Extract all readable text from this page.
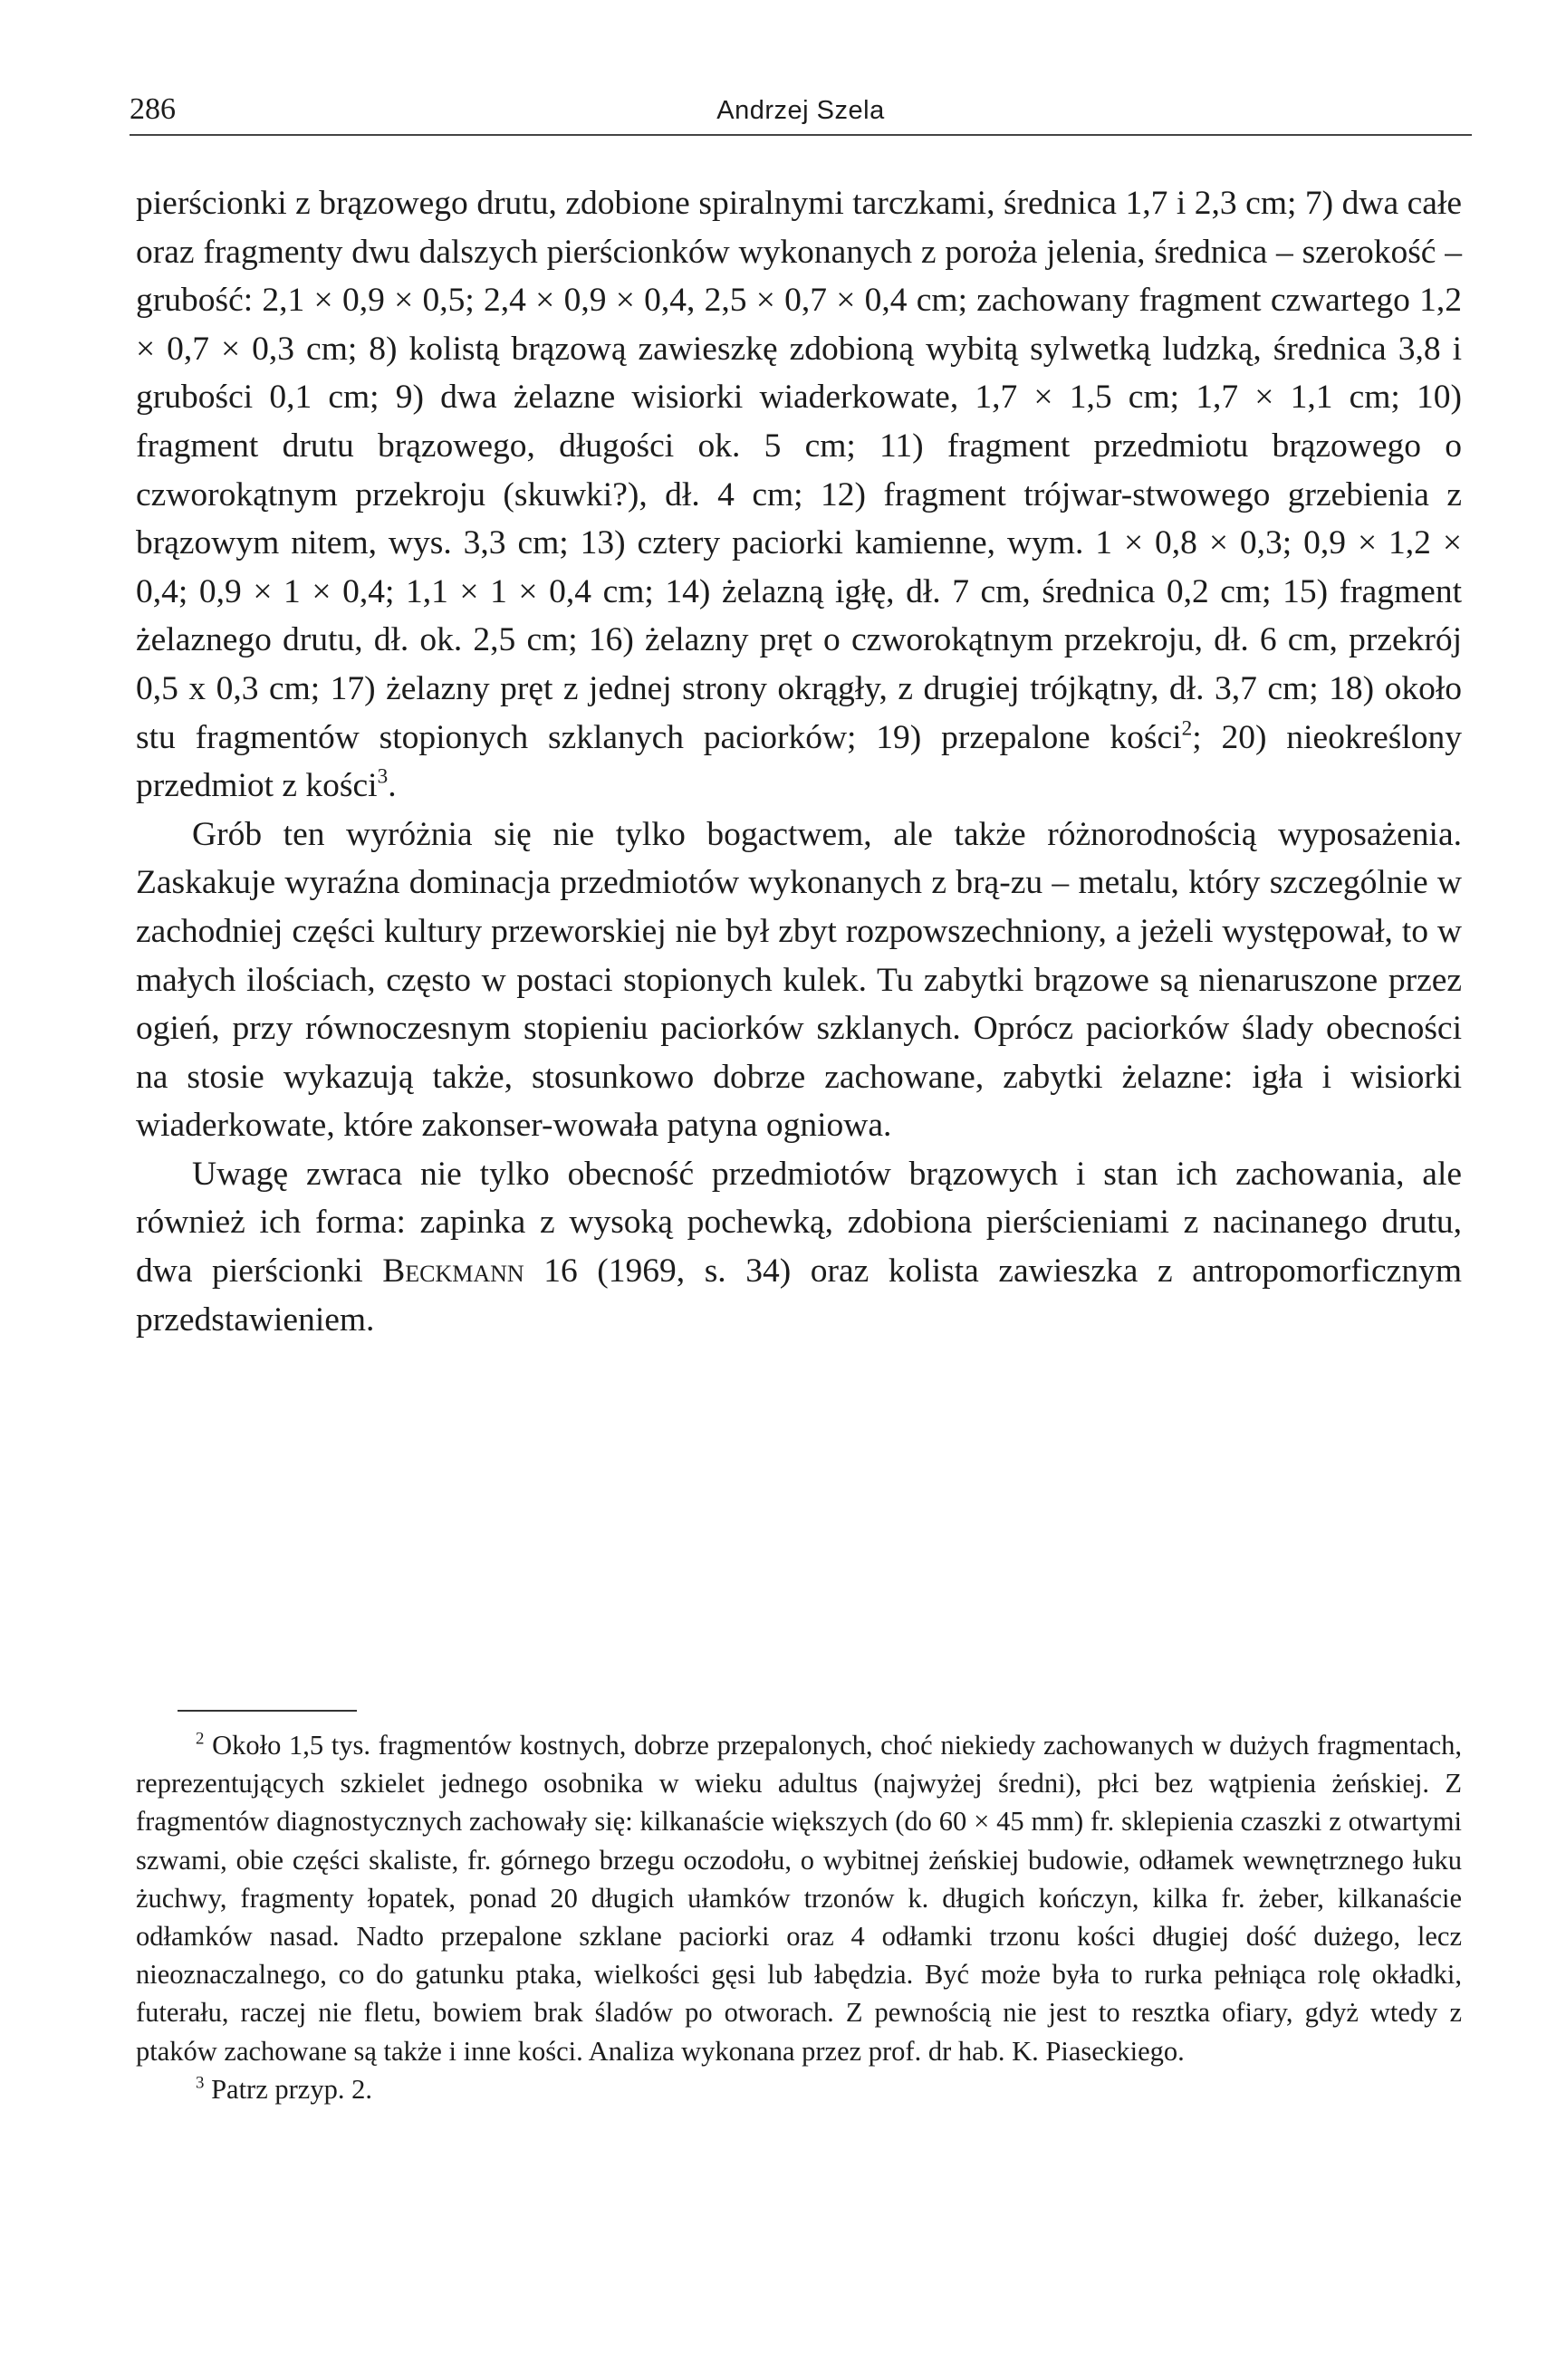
286	Andrzej Szela

pierścionki z brązowego drutu, zdobione spiralnymi tarczkami, średnica 1,7 i 2,3 cm; 7) dwa całe oraz fragmenty dwu dalszych pierścionków wykonanych z poroża jelenia, średnica – szerokość – grubość: 2,1 × 0,9 × 0,5; 2,4 × 0,9 × 0,4, 2,5 × 0,7 × 0,4 cm; zachowany fragment czwartego 1,2 × 0,7 × 0,3 cm; 8) kolistą brązową zawieszkę zdobioną wybitą sylwetką ludzką, średnica 3,8 i grubości 0,1 cm; 9) dwa żelazne wisiorki wiaderkowate, 1,7 × 1,5 cm; 1,7 × 1,1 cm; 10) fragment drutu brązowego, długości ok. 5 cm; 11) fragment przedmiotu brązowego o czworokątnym przekroju (skuwki?), dł. 4 cm; 12) fragment trójwar-stwowego grzebienia z brązowym nitem, wys. 3,3 cm; 13) cztery paciorki kamienne, wym. 1 × 0,8 × 0,3; 0,9 × 1,2 × 0,4; 0,9 × 1 × 0,4; 1,1 × 1 × 0,4 cm; 14) żelazną igłę, dł. 7 cm, średnica 0,2 cm; 15) fragment żelaznego drutu, dł. ok. 2,5 cm; 16) żelazny pręt o czworokątnym przekroju, dł. 6 cm, przekrój 0,5 x 0,3 cm; 17) żelazny pręt z jednej strony okrągły, z drugiej trójkątny, dł. 3,7 cm; 18) około stu fragmentów stopionych szklanych paciorków; 19) przepalone kości$^2$; 20) nieokreślony przedmiot z kości$^3$.

Grób ten wyróżnia się nie tylko bogactwem, ale także różnorodnością wyposażenia. Zaskakuje wyraźna dominacja przedmiotów wykonanych z brą-zu – metalu, który szczególnie w zachodniej części kultury przeworskiej nie był zbyt rozpowszechniony, a jeżeli występował, to w małych ilościach, często w postaci stopionych kulek. Tu zabytki brązowe są nienaruszone przez ogień, przy równoczesnym stopieniu paciorków szklanych. Oprócz paciorków ślady obecności na stosie wykazują także, stosunkowo dobrze zachowane, zabytki żelazne: igła i wisiorki wiaderkowate, które zakonser-wowała patyna ogniowa.

Uwagę zwraca nie tylko obecność przedmiotów brązowych i stan ich zachowania, ale również ich forma: zapinka z wysoką pochewką, zdobiona pierścieniami z nacinanego drutu, dwa pierścionki Beckmann 16 (1969, s. 34) oraz kolista zawieszka z antropomorficznym przedstawieniem.

$^2$ Około 1,5 tys. fragmentów kostnych, dobrze przepalonych, choć niekiedy zachowanych w dużych fragmentach, reprezentujących szkielet jednego osobnika w wieku adultus (najwyżej średni), płci bez wątpienia żeńskiej. Z fragmentów diagnostycznych zachowały się: kilkanaście większych (do 60 × 45 mm) fr. sklepienia czaszki z otwartymi szwami, obie części skaliste, fr. górnego brzegu oczodołu, o wybitnej żeńskiej budowie, odłamek wewnętrznego łuku żuchwy, fragmenty łopatek, ponad 20 długich ułamków trzonów k. długich kończyn, kilka fr. żeber, kilkanaście odłamków nasad. Nadto przepalone szklane paciorki oraz 4 odłamki trzonu kości długiej dość dużego, lecz nieoznaczalnego, co do gatunku ptaka, wielkości gęsi lub łabędzia. Być może była to rurka pełniąca rolę okładki, futerału, raczej nie fletu, bowiem brak śladów po otworach. Z pewnością nie jest to resztka ofiary, gdyż wtedy z ptaków zachowane są także i inne kości. Analiza wykonana przez prof. dr hab. K. Piaseckiego.

$^3$ Patrz przyp. 2.
